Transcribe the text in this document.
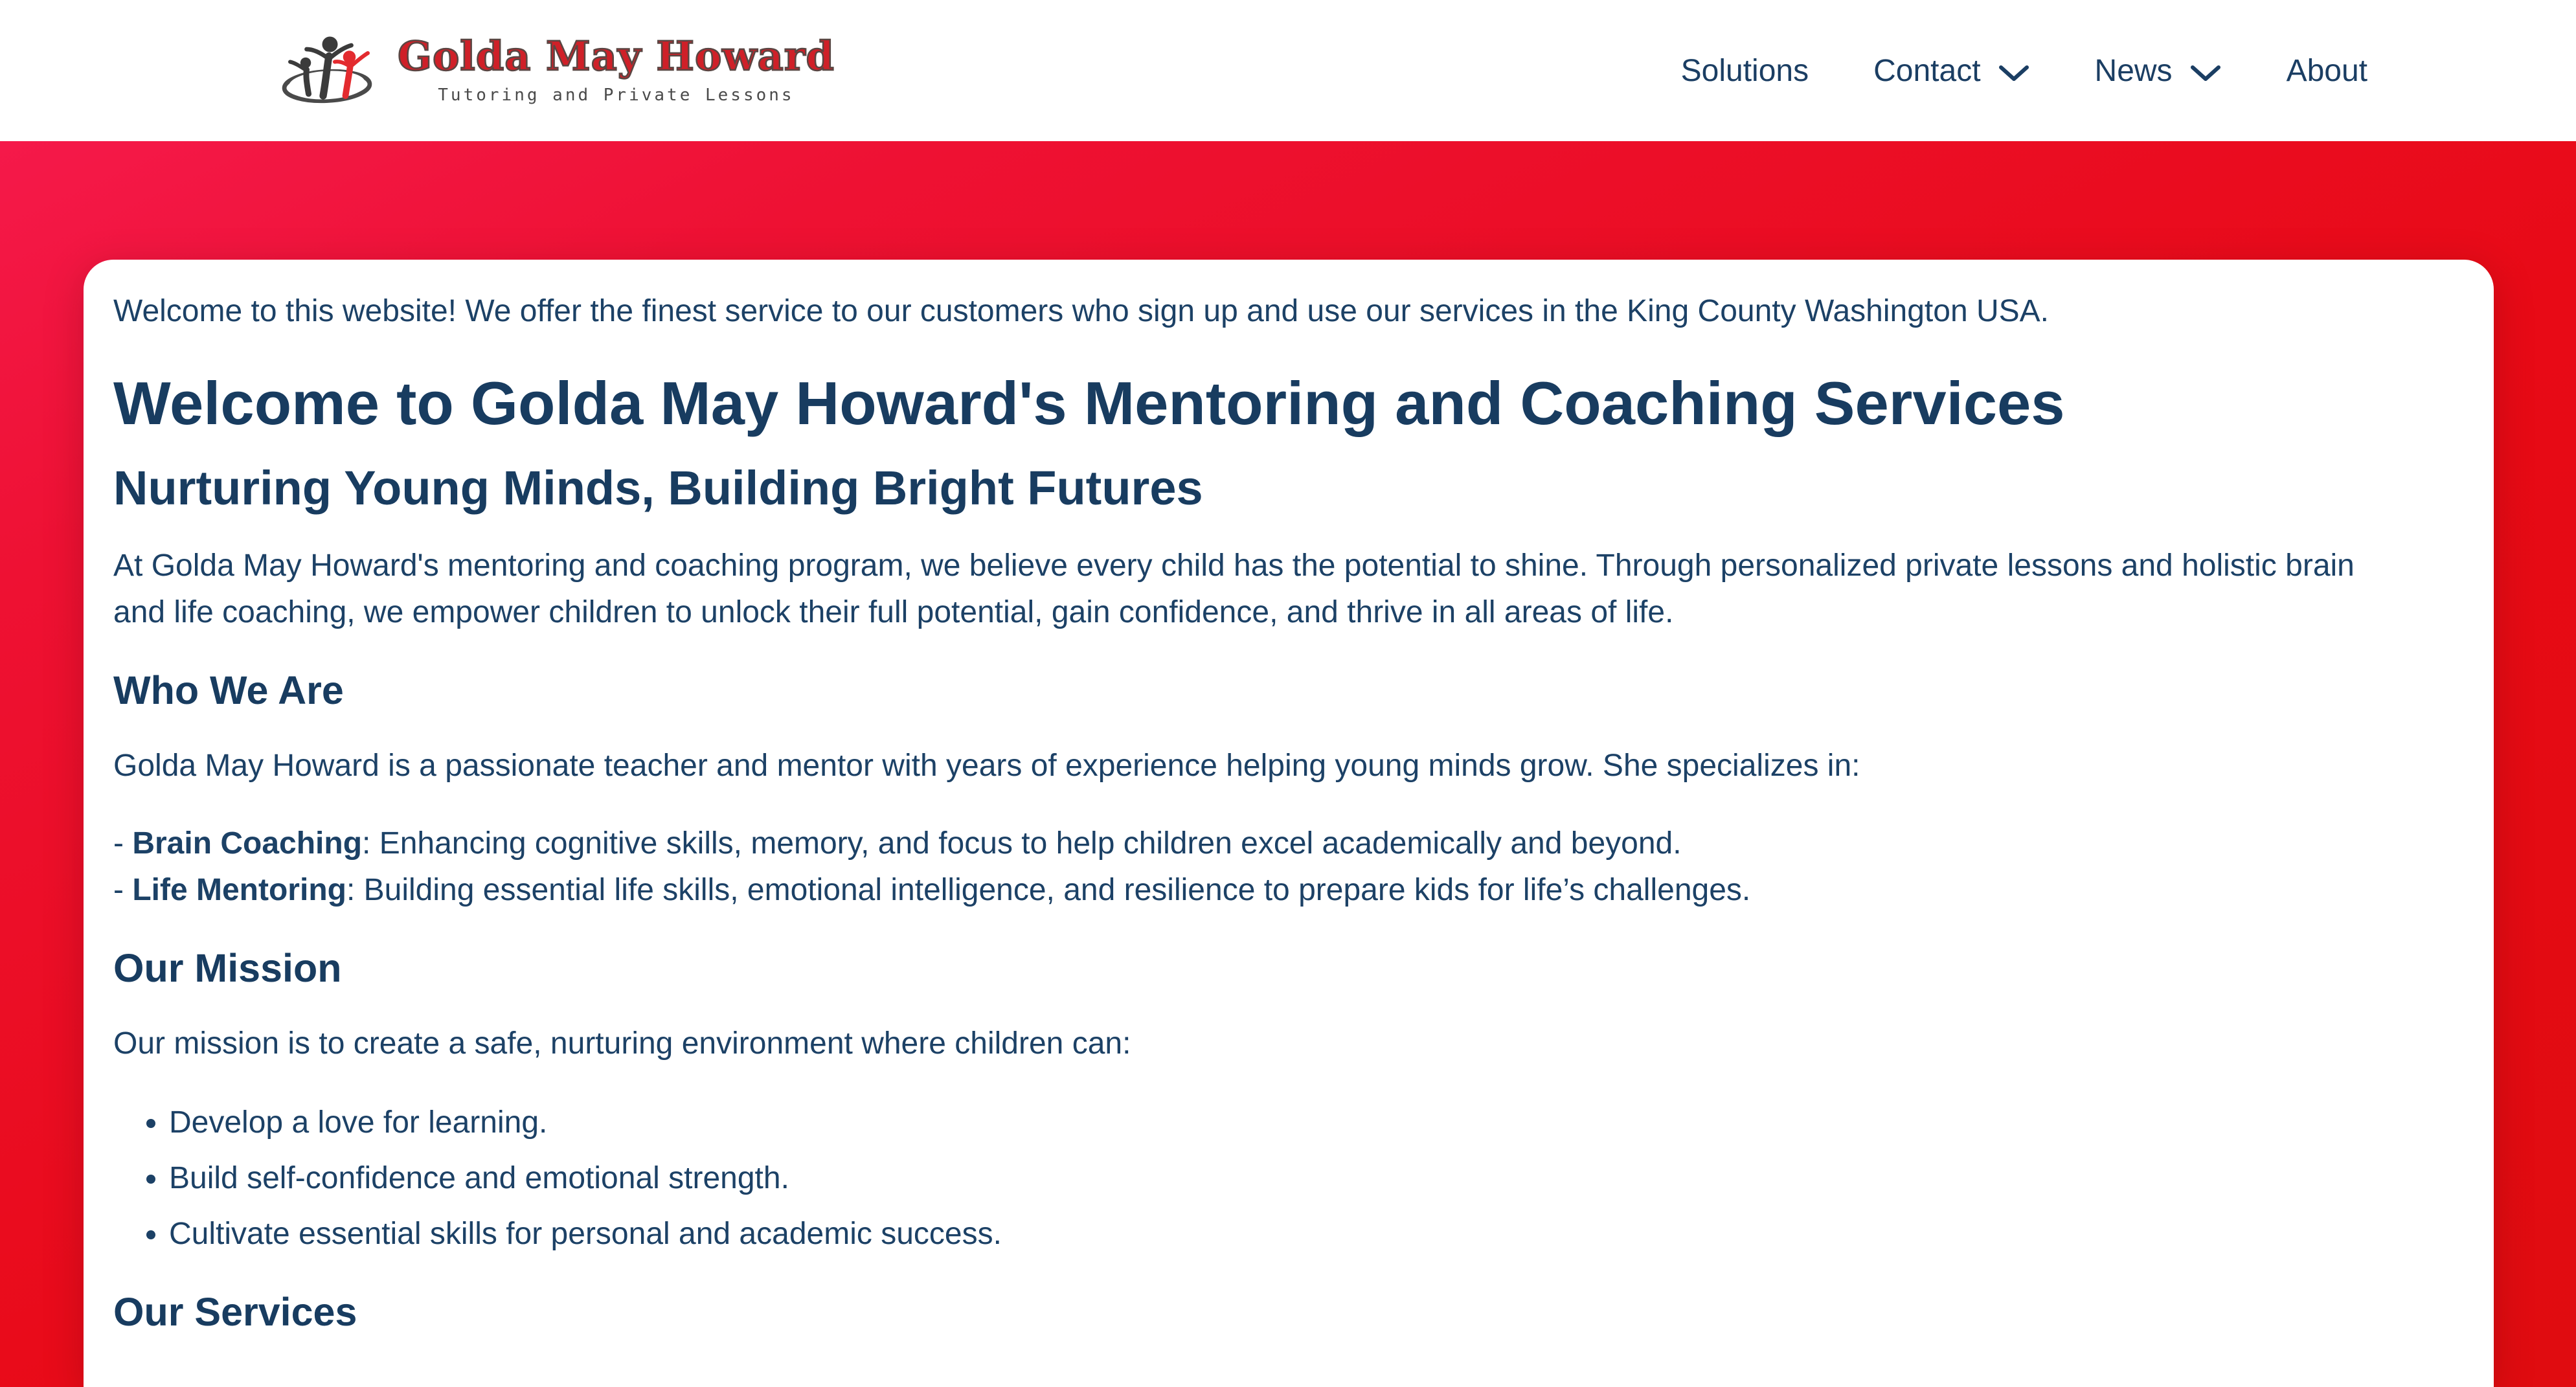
Golda May Howard
Tutoring and Private Lessons
Solutions Contact	News	About

Welcome to this website! We offer the finest service to our customers who sign up and use our services in the King County Washington USA.

Welcome to Golda May Howard's Mentoring and Coaching Services
Nurturing Young Minds, Building Bright Futures

At Golda May Howard's mentoring and coaching program, we believe every child has the potential to shine. Through personalized private lessons and holistic brain and life coaching, we empower children to unlock their full potential, gain confidence, and thrive in all areas of life.

Who We Are

Golda May Howard is a passionate teacher and mentor with years of experience helping young minds grow. She specializes in:

- Brain Coaching: Enhancing cognitive skills, memory, and focus to help children excel academically and beyond.
- Life Mentoring: Building essential life skills, emotional intelligence, and resilience to prepare kids for life’s challenges.

Our Mission

Our mission is to create a safe, nurturing environment where children can:

• Develop a love for learning.
• Build self-confidence and emotional strength.
• Cultivate essential skills for personal and academic success.
Our Services
